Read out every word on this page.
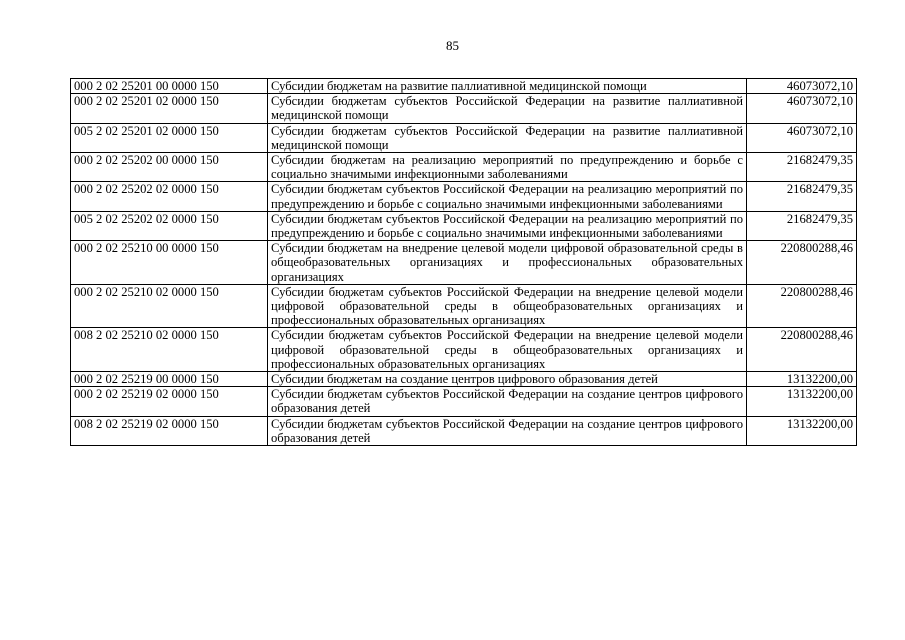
85
000 2 02 25201 00 0000 150	Субсидии бюджетам на развитие паллиативной медицинской помощи	46073072,10
000 2 02 25201 02 0000 150	Субсидии бюджетам субъектов Российской Федерации на развитие паллиативной медицинской помощи	46073072,10
005 2 02 25201 02 0000 150	Субсидии бюджетам субъектов Российской Федерации на развитие паллиативной медицинской помощи	46073072,10
000 2 02 25202 00 0000 150	Субсидии бюджетам на реализацию мероприятий по предупреждению и борьбе с социально значимыми инфекционными заболеваниями	21682479,35
000 2 02 25202 02 0000 150	Субсидии бюджетам субъектов Российской Федерации на реализацию мероприятий по предупреждению и борьбе с социально значимыми инфекционными заболеваниями	21682479,35
005 2 02 25202 02 0000 150	Субсидии бюджетам субъектов Российской Федерации на реализацию мероприятий по предупреждению и борьбе с социально значимыми инфекционными заболеваниями	21682479,35
000 2 02 25210 00 0000 150	Субсидии бюджетам на внедрение целевой модели цифровой образовательной среды в общеобразовательных организациях и профессиональных образовательных организациях	220800288,46
000 2 02 25210 02 0000 150	Субсидии бюджетам субъектов Российской Федерации на внедрение целевой модели цифровой образовательной среды в общеобразовательных организациях и профессиональных образовательных организациях	220800288,46
008 2 02 25210 02 0000 150	Субсидии бюджетам субъектов Российской Федерации на внедрение целевой модели цифровой образовательной среды в общеобразовательных организациях и профессиональных образовательных организациях	220800288,46
000 2 02 25219 00 0000 150	Субсидии бюджетам на создание центров цифрового образования детей	13132200,00
000 2 02 25219 02 0000 150	Субсидии бюджетам субъектов Российской Федерации на создание центров цифрового образования детей	13132200,00
008 2 02 25219 02 0000 150	Субсидии бюджетам субъектов Российской Федерации на создание центров цифрового образования детей	13132200,00
